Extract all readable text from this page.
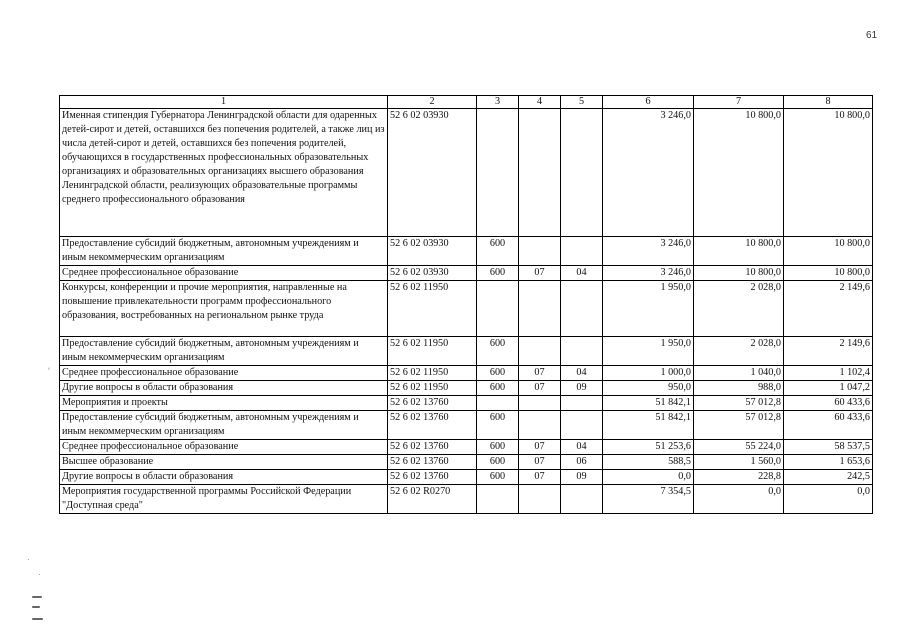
61
1	2	3	4	5	6	7	8
Именная стипендия Губернатора Ленинградской области для одаренных детей-сирот и детей, оставшихся без попечения родителей, а также лиц из числа детей-сирот и детей, оставшихся без попечения родителей, обучающихся в государственных профессиональных образовательных организациях и образовательных организациях высшего образования Ленинградской области, реализующих образовательные программы среднего профессионального образования	52 6 02 03930				3 246,0	10 800,0	10 800,0
Предоставление субсидий бюджетным, автономным учреждениям и иным некоммерческим организациям	52 6 02 03930	600			3 246,0	10 800,0	10 800,0
Среднее профессиональное образование	52 6 02 03930	600	07	04	3 246,0	10 800,0	10 800,0
Конкурсы, конференции и прочие мероприятия, направленные на повышение привлекательности программ профессионального образования, востребованных на региональном рынке труда	52 6 02 11950				1 950,0	2 028,0	2 149,6
Предоставление субсидий бюджетным, автономным учреждениям и иным некоммерческим организациям	52 6 02 11950	600			1 950,0	2 028,0	2 149,6
Среднее профессиональное образование	52 6 02 11950	600	07	04	1 000,0	1 040,0	1 102,4
Другие вопросы в области образования	52 6 02 11950	600	07	09	950,0	988,0	1 047,2
Мероприятия и проекты	52 6 02 13760				51 842,1	57 012,8	60 433,6
Предоставление субсидий бюджетным, автономным учреждениям и иным некоммерческим организациям	52 6 02 13760	600			51 842,1	57 012,8	60 433,6
Среднее профессиональное образование	52 6 02 13760	600	07	04	51 253,6	55 224,0	58 537,5
Высшее образование	52 6 02 13760	600	07	06	588,5	1 560,0	1 653,6
Другие вопросы в области образования	52 6 02 13760	600	07	09	0,0	228,8	242,5
Мероприятия государственной программы Российской Федерации "Доступная среда"	52 6 02 R0270				7 354,5	0,0	0,0
‘
·
·
